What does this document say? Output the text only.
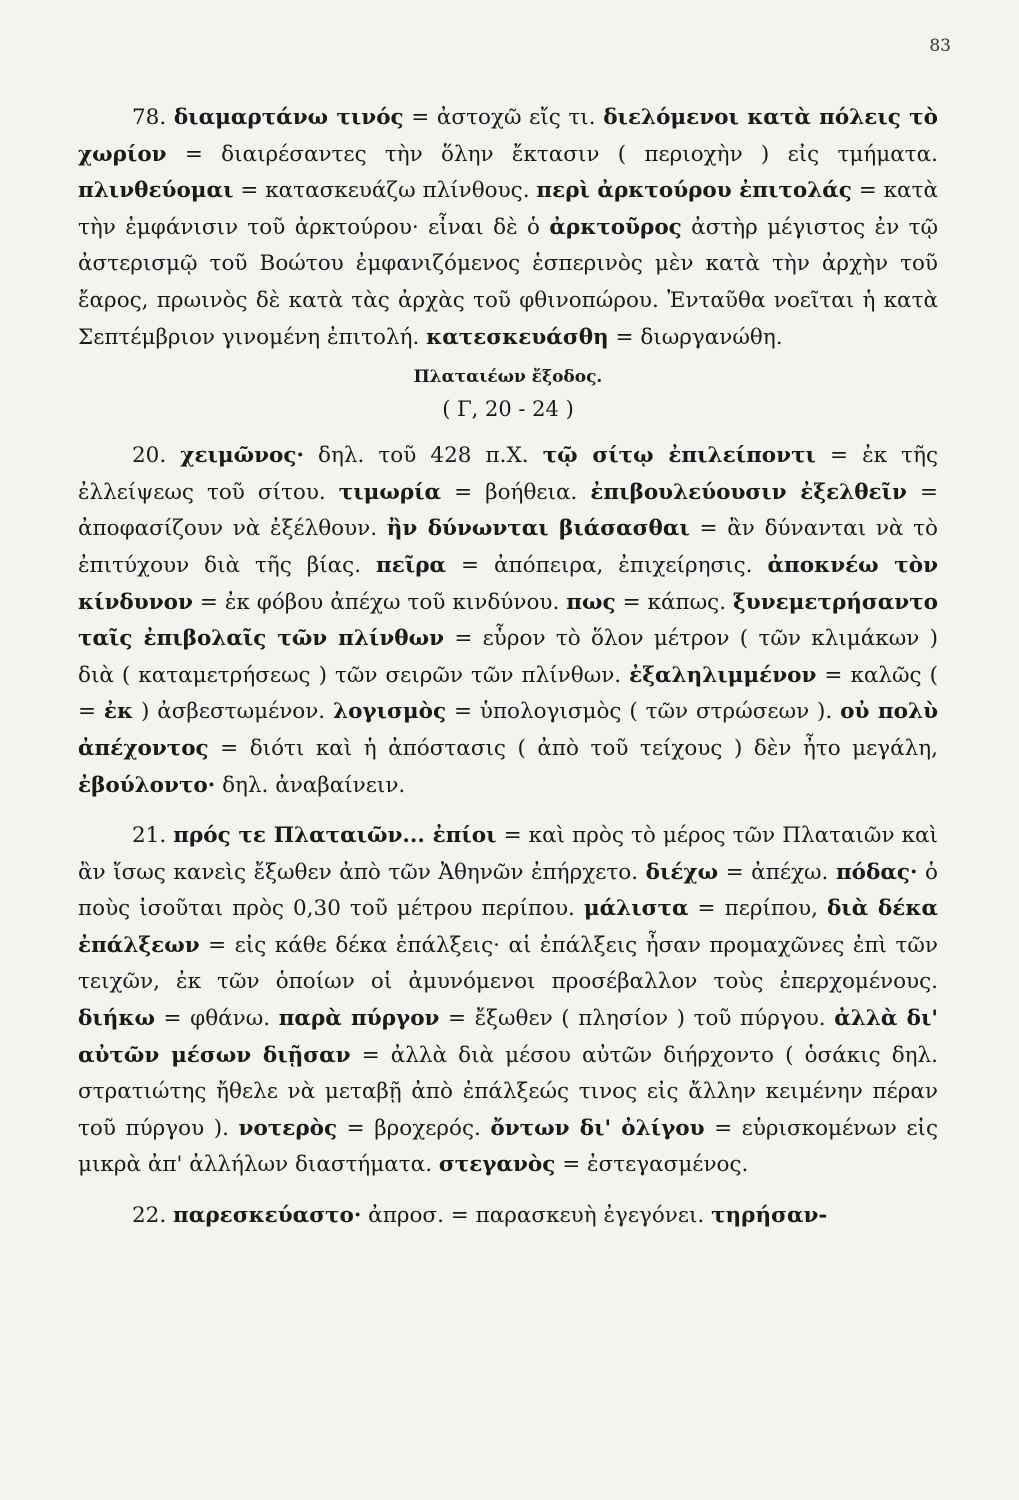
83

78. διαμαρτάνω τινός = ἀστοχῶ εἴς τι. διελόμενοι κατὰ πόλεις τὸ χωρίον = διαιρέσαντες τὴν ὅλην ἔκτασιν ( περιοχὴν ) εἰς τμήματα. πλινθεύομαι = κατασκευάζω πλίνθους. περὶ ἀρκτούρου ἐπιτολάς = κατὰ τὴν ἐμφάνισιν τοῦ ἀρκτούρου· εἶναι δὲ ὁ ἀρκτοῦρος ἀστὴρ μέγιστος ἐν τῷ ἀστερισμῷ τοῦ Βοώτου ἐμφανιζόμενος ἑσπερινὸς μὲν κατὰ τὴν ἀρχὴν τοῦ ἔαρος, πρωινὸς δὲ κατὰ τὰς ἀρχὰς τοῦ φθινοπώρου. Ἐνταῦθα νοεῖται ἡ κατὰ Σεπτέμβριον γινομένη ἐπιτολή. κατεσκευάσθη = διωργανώθη.

Πλαταιέων ἔξοδος.
( Γ, 20 - 24 )

20. χειμῶνος· δηλ. τοῦ 428 π.Χ. τῷ σίτῳ ἐπιλείποντι = ἐκ τῆς ἐλλείψεως τοῦ σίτου. τιμωρία = βοήθεια. ἐπιβουλεύουσιν ἐξελθεῖν = ἀποφασίζουν νὰ ἐξέλθουν. ἢν δύνωνται βιάσασθαι = ἂν δύνανται νὰ τὸ ἐπιτύχουν διὰ τῆς βίας. πεῖρα = ἀπόπειρα, ἐπιχείρησις. ἀποκνέω τὸν κίνδυνον = ἐκ φόβου ἀπέχω τοῦ κινδύνου. πως = κάπως. ξυνεμετρήσαντο ταῖς ἐπιβολαῖς τῶν πλίνθων = εὗρον τὸ ὅλον μέτρον ( τῶν κλιμάκων ) διὰ ( καταμετρήσεως ) τῶν σειρῶν τῶν πλίνθων. ἐξαληλιμμένον = καλῶς ( = ἐκ ) ἀσβεστωμένον. λογισμὸς = ὑπολογισμὸς ( τῶν στρώσεων ). οὐ πολὺ ἀπέχοντος = διότι καὶ ἡ ἀπόστασις ( ἀπὸ τοῦ τείχους ) δὲν ἦτο μεγάλη, ἐβούλοντο· δηλ. ἀναβαίνειν.

21. πρός τε Πλαταιῶν... ἐπίοι = καὶ πρὸς τὸ μέρος τῶν Πλαταιῶν καὶ ἂν ἴσως κανεὶς ἔξωθεν ἀπὸ τῶν Ἀθηνῶν ἐπήρχετο. διέχω = ἀπέχω. πόδας· ὁ ποὺς ἰσοῦται πρὸς 0,30 τοῦ μέτρου περίπου. μάλιστα = περίπου, διὰ δέκα ἐπάλξεων = εἰς κάθε δέκα ἐπάλξεις· αἱ ἐπάλξεις ἦσαν προμαχῶνες ἐπὶ τῶν τειχῶν, ἐκ τῶν ὁποίων οἱ ἀμυνόμενοι προσέβαλλον τοὺς ἐπερχομένους. διήκω = φθάνω. παρὰ πύργον = ἔξωθεν ( πλησίον ) τοῦ πύργου. ἀλλὰ δι' αὐτῶν μέσων διῇσαν = ἀλλὰ διὰ μέσου αὐτῶν διήρχοντο ( ὁσάκις δηλ. στρατιώτης ἤθελε νὰ μεταβῇ ἀπὸ ἐπάλξεώς τινος εἰς ἄλλην κειμένην πέραν τοῦ πύργου ). νοτερὸς = βροχερός. ὄντων δι' ὀλίγου = εὑρισκομένων εἰς μικρὰ ἀπ' ἀλλήλων διαστήματα. στεγανὸς = ἐστεγασμένος.

22. παρεσκεύαστο· ἀπροσ. = παρασκευὴ ἐγεγόνει. τηρήσαν-
